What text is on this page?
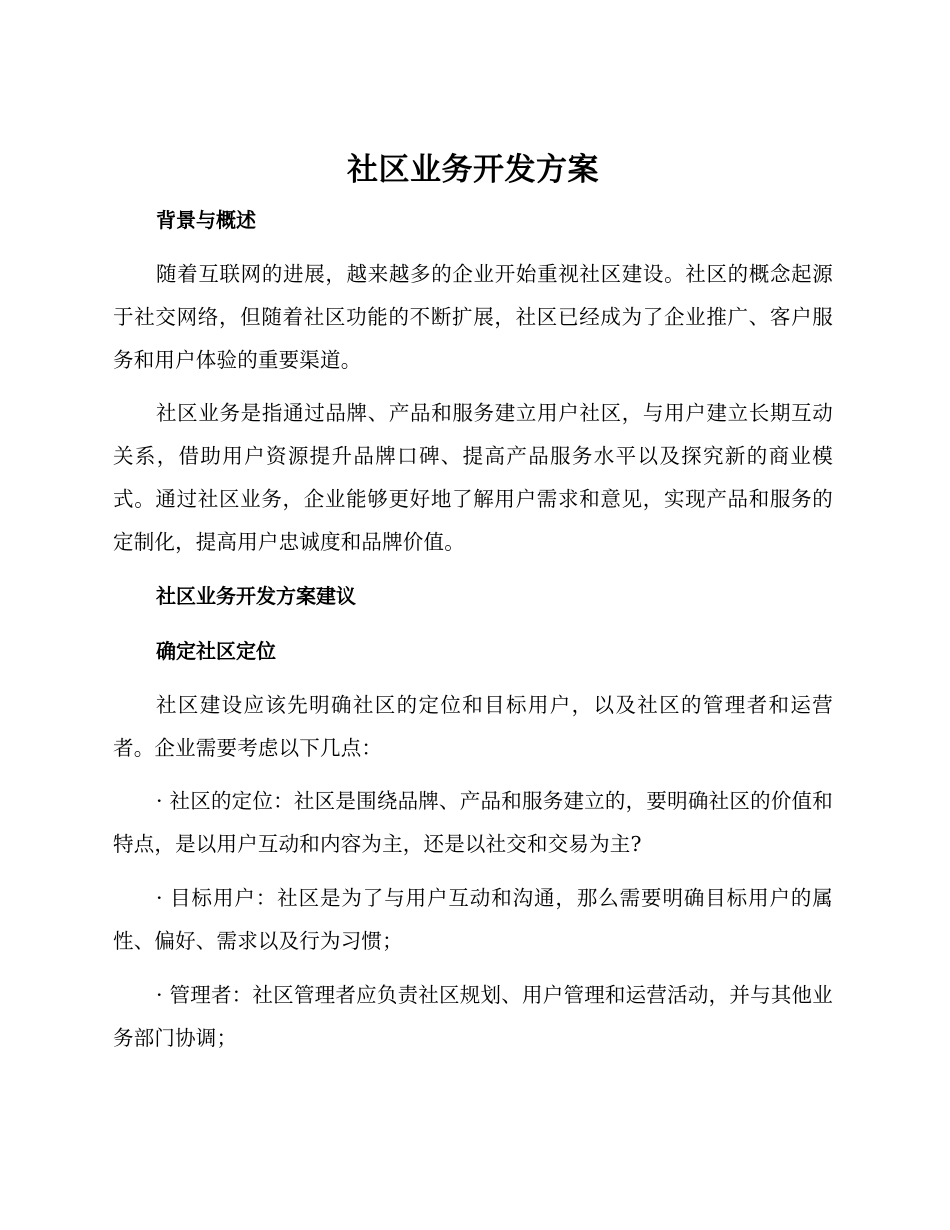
社区业务开发方案
背景与概述

随着互联网的进展，越来越多的企业开始重视社区建设。社区的概念起源于社交网络，但随着社区功能的不断扩展，社区已经成为了企业推广、客户服务和用户体验的重要渠道。

社区业务是指通过品牌、产品和服务建立用户社区，与用户建立长期互动关系，借助用户资源提升品牌口碑、提高产品服务水平以及探究新的商业模式。通过社区业务，企业能够更好地了解用户需求和意见，实现产品和服务的定制化，提高用户忠诚度和品牌价值。

社区业务开发方案建议
确定社区定位

社区建设应该先明确社区的定位和目标用户，以及社区的管理者和运营者。企业需要考虑以下几点：

· 社区的定位：社区是围绕品牌、产品和服务建立的，要明确社区的价值和特点，是以用户互动和内容为主，还是以社交和交易为主?

· 目标用户：社区是为了与用户互动和沟通，那么需要明确目标用户的属性、偏好、需求以及行为习惯；

· 管理者：社区管理者应负责社区规划、用户管理和运营活动，并与其他业务部门协调；
